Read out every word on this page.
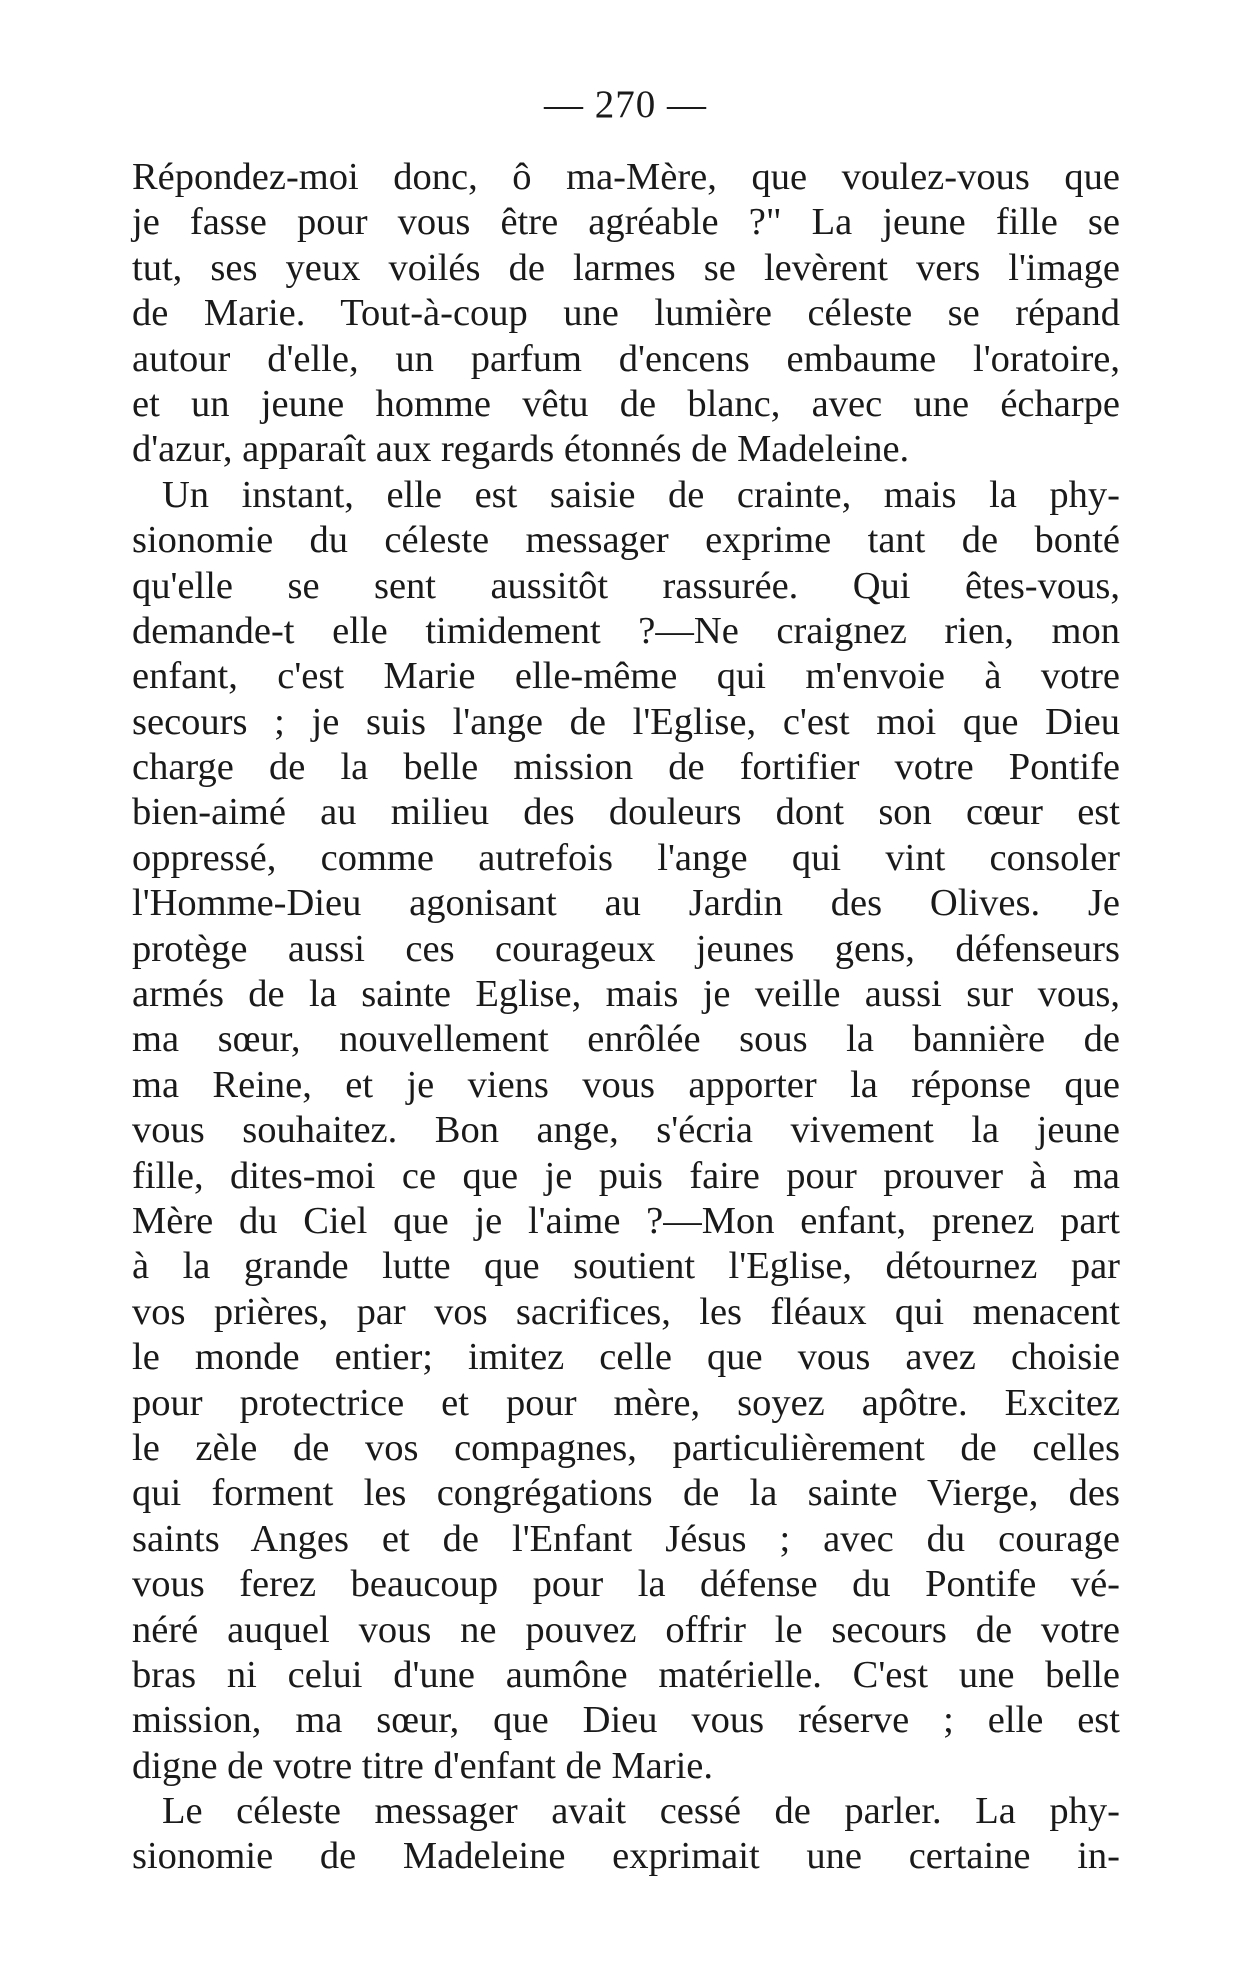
— 270 —
Répondez-moi donc, ô ma-Mère, que voulez-vous que
je fasse pour vous être agréable ?" La jeune fille se
tut, ses yeux voilés de larmes se levèrent vers l'image
de Marie. Tout-à-coup une lumière céleste se répand
autour d'elle, un parfum d'encens embaume l'oratoire,
et un jeune homme vêtu de blanc, avec une écharpe
d'azur, apparaît aux regards étonnés de Madeleine.
Un instant, elle est saisie de crainte, mais la phy-
sionomie du céleste messager exprime tant de bonté
qu'elle se sent aussitôt rassurée. Qui êtes-vous,
demande-t elle timidement ?—Ne craignez rien, mon
enfant, c'est Marie elle-même qui m'envoie à votre
secours ; je suis l'ange de l'Eglise, c'est moi que Dieu
charge de la belle mission de fortifier votre Pontife
bien-aimé au milieu des douleurs dont son cœur est
oppressé, comme autrefois l'ange qui vint consoler
l'Homme-Dieu agonisant au Jardin des Olives. Je
protège aussi ces courageux jeunes gens, défenseurs
armés de la sainte Eglise, mais je veille aussi sur vous,
ma sœur, nouvellement enrôlée sous la bannière de
ma Reine, et je viens vous apporter la réponse que
vous souhaitez. Bon ange, s'écria vivement la jeune
fille, dites-moi ce que je puis faire pour prouver à ma
Mère du Ciel que je l'aime ?—Mon enfant, prenez part
à la grande lutte que soutient l'Eglise, détournez par
vos prières, par vos sacrifices, les fléaux qui menacent
le monde entier; imitez celle que vous avez choisie
pour protectrice et pour mère, soyez apôtre. Excitez
le zèle de vos compagnes, particulièrement de celles
qui forment les congrégations de la sainte Vierge, des
saints Anges et de l'Enfant Jésus ; avec du courage
vous ferez beaucoup pour la défense du Pontife vé-
néré auquel vous ne pouvez offrir le secours de votre
bras ni celui d'une aumône matérielle. C'est une belle
mission, ma sœur, que Dieu vous réserve ; elle est
digne de votre titre d'enfant de Marie.
Le céleste messager avait cessé de parler. La phy-
sionomie de Madeleine exprimait une certaine in-
